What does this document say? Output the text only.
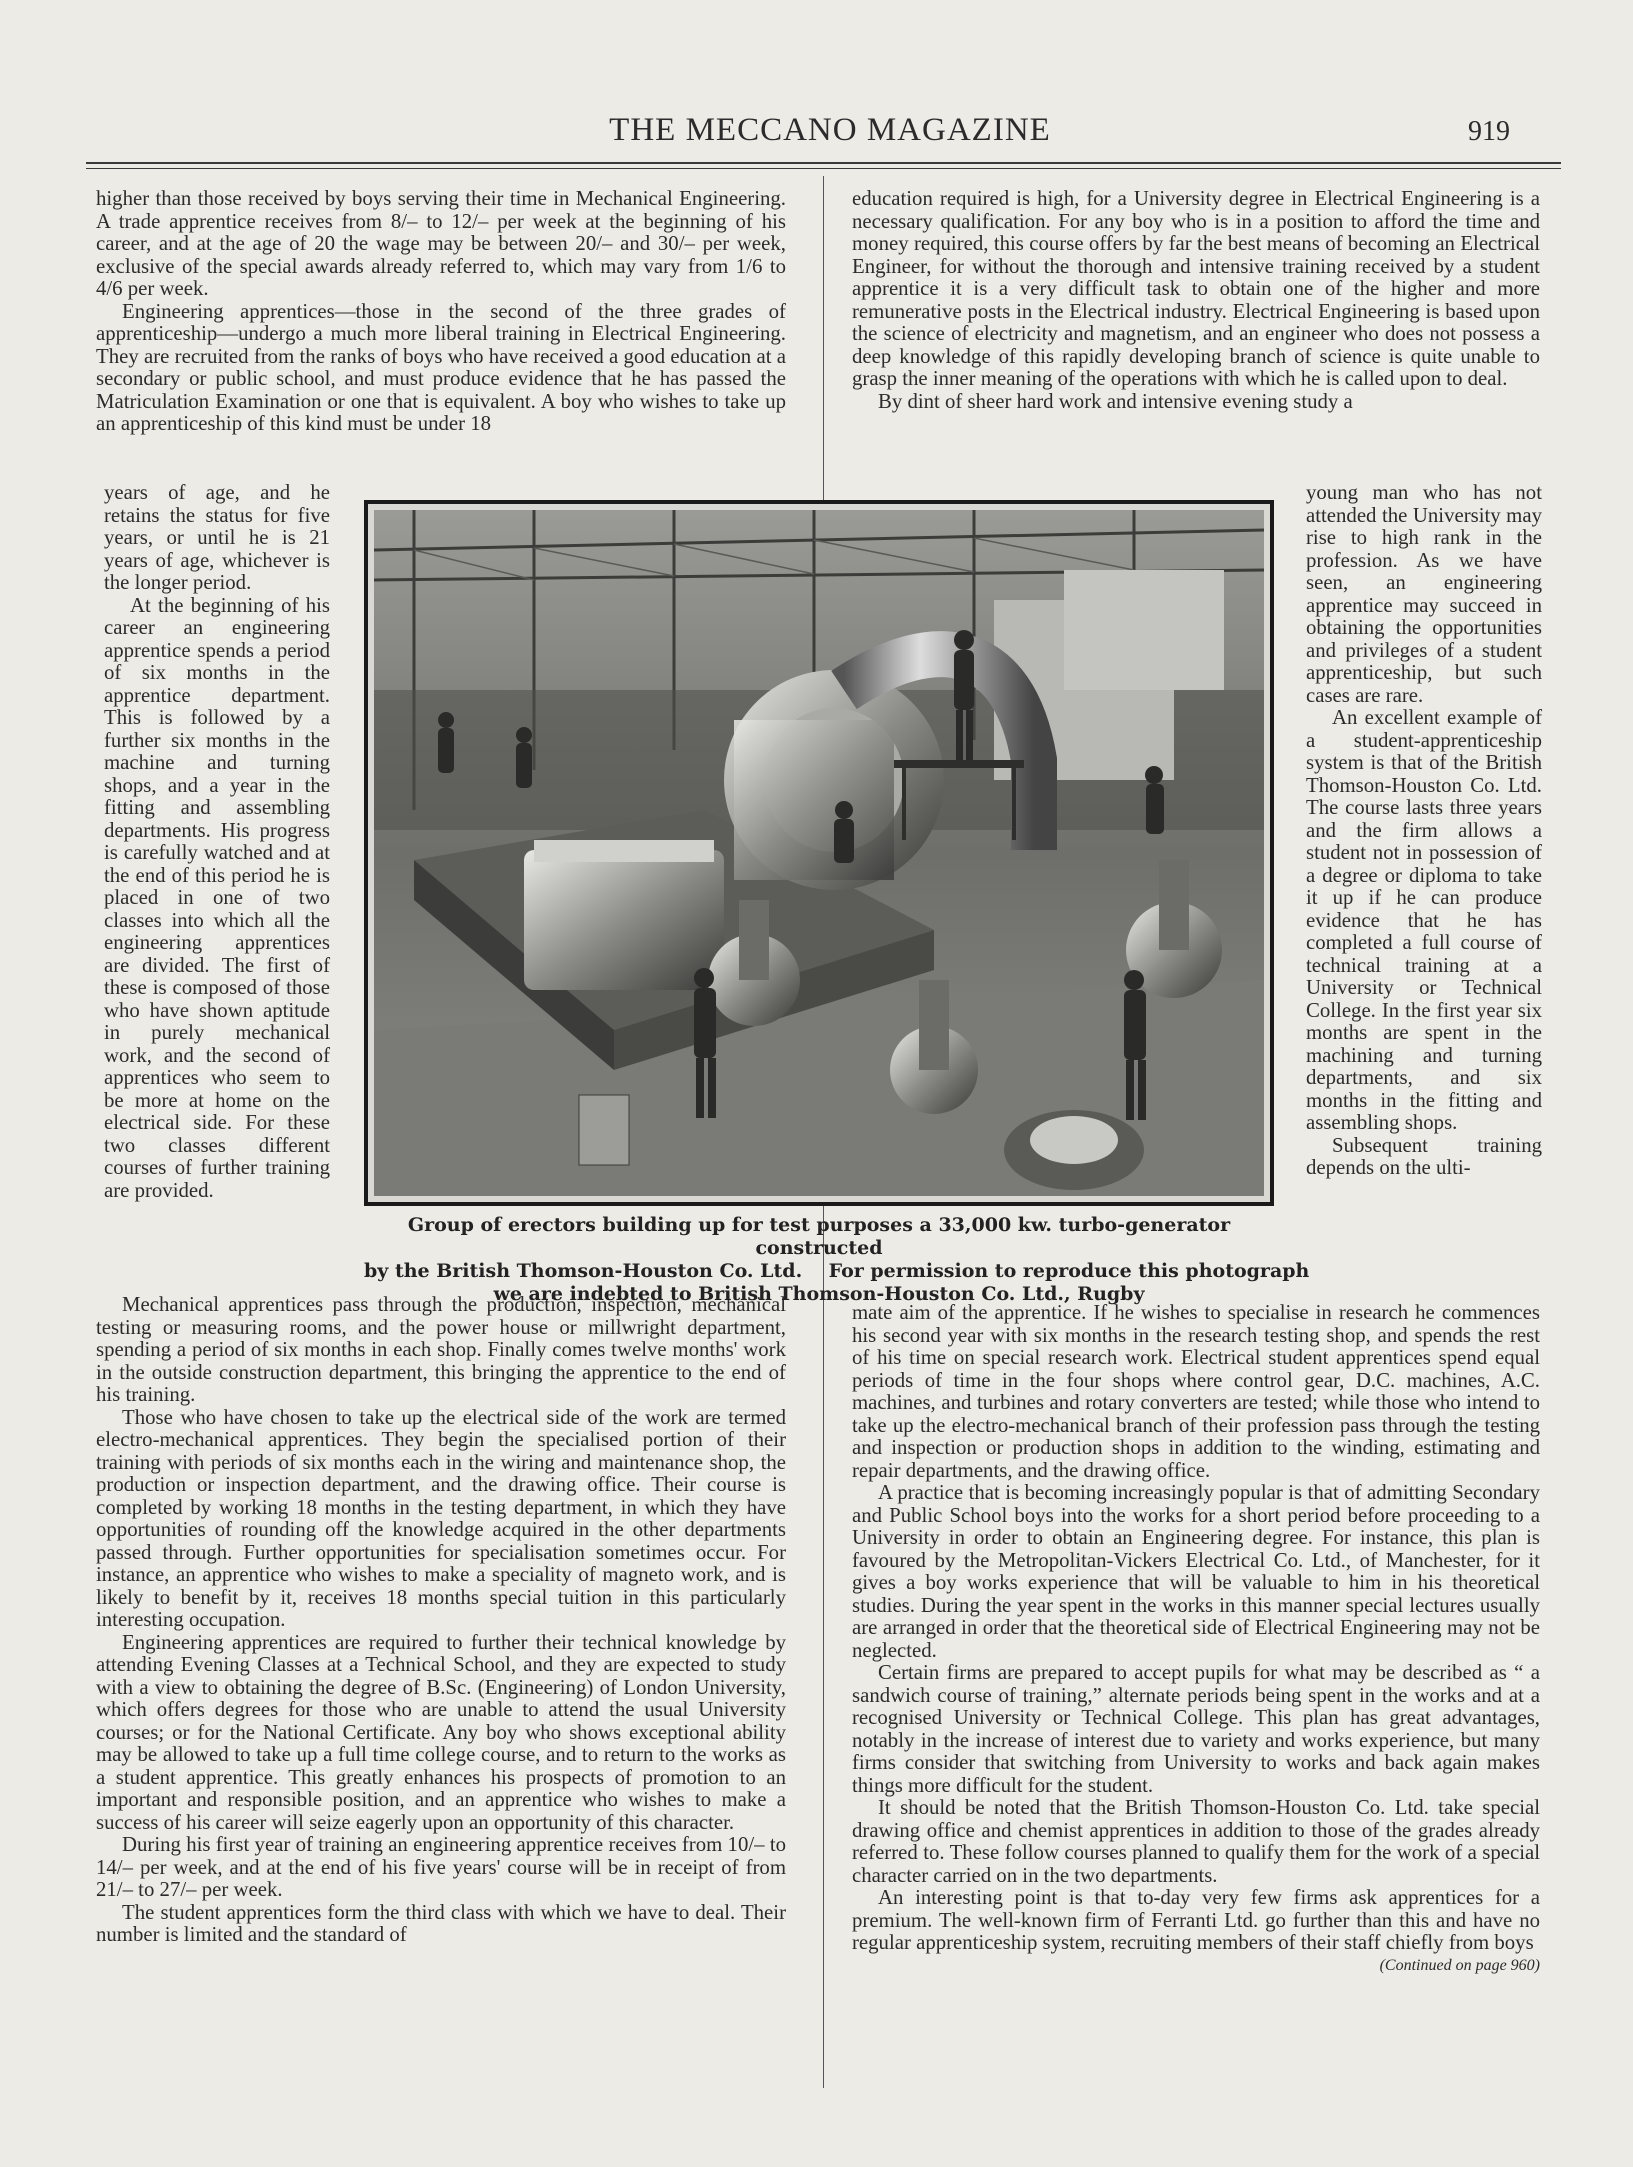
THE MECCANO MAGAZINE	919

higher than those received by boys serving their time in Mechanical Engineering. A trade apprentice receives from 8/– to 12/– per week at the beginning of his career, and at the age of 20 the wage may be between 20/– and 30/– per week, exclusive of the special awards already referred to, which may vary from 1/6 to 4/6 per week.

Engineering apprentices—those in the second of the three grades of apprenticeship—undergo a much more liberal training in Electrical Engineering. They are recruited from the ranks of boys who have received a good education at a secondary or public school, and must produce evidence that he has passed the Matriculation Examination or one that is equivalent. A boy who wishes to take up an apprenticeship of this kind must be under 18

years of age, and he retains the status for five years, or until he is 21 years of age, whichever is the longer period.

At the beginning of his career an engineering apprentice spends a period of six months in the apprentice department. This is followed by a further six months in the machine and turning shops, and a year in the fitting and assembling departments. His progress is carefully watched and at the end of this period he is placed in one of two classes into which all the engineering apprentices are divided. The first of these is composed of those who have shown aptitude in purely mechanical work, and the second of apprentices who seem to be more at home on the electrical side. For these two classes different courses of further training are provided.

Mechanical apprentices pass through the production, inspection, mechanical testing or measuring rooms, and the power house or millwright department, spending a period of six months in each shop. Finally comes twelve months' work in the outside construction department, this bringing the apprentice to the end of his training.

Those who have chosen to take up the electrical side of the work are termed electro-mechanical apprentices. They begin the specialised portion of their training with periods of six months each in the wiring and maintenance shop, the production or inspection department, and the drawing office. Their course is completed by working 18 months in the testing department, in which they have opportunities of rounding off the knowledge acquired in the other departments passed through. Further opportunities for specialisation sometimes occur. For instance, an apprentice who wishes to make a speciality of magneto work, and is likely to benefit by it, receives 18 months special tuition in this particularly interesting occupation.

Engineering apprentices are required to further their technical knowledge by attending Evening Classes at a Technical School, and they are expected to study with a view to obtaining the degree of B.Sc. (Engineering) of London University, which offers degrees for those who are unable to attend the usual University courses; or for the National Certificate. Any boy who shows exceptional ability may be allowed to take up a full time college course, and to return to the works as a student apprentice. This greatly enhances his prospects of promotion to an important and responsible position, and an apprentice who wishes to make a success of his career will seize eagerly upon an opportunity of this character.

During his first year of training an engineering apprentice receives from 10/– to 14/– per week, and at the end of his five years' course will be in receipt of from 21/– to 27/– per week.

The student apprentices form the third class with which we have to deal. Their number is limited and the standard of

education required is high, for a University degree in Electrical Engineering is a necessary qualification. For any boy who is in a position to afford the time and money required, this course offers by far the best means of becoming an Electrical Engineer, for without the thorough and intensive training received by a student apprentice it is a very difficult task to obtain one of the higher and more remunerative posts in the Electrical industry. Electrical Engineering is based upon the science of electricity and magnetism, and an engineer who does not possess a deep knowledge of this rapidly developing branch of science is quite unable to grasp the inner meaning of the operations with which he is called upon to deal.

By dint of sheer hard work and intensive evening study a

young man who has not attended the University may rise to high rank in the profession. As we have seen, an engineering apprentice may succeed in obtaining the opportunities and privileges of a student apprenticeship, but such cases are rare.

An excellent example of a student-apprenticeship system is that of the British Thomson-Houston Co. Ltd. The course lasts three years and the firm allows a student not in possession of a degree or diploma to take it up if he can produce evidence that he has completed a full course of technical training at a University or Technical College. In the first year six months are spent in the machining and turning departments, and six months in the fitting and assembling shops.

Subsequent training depends on the ulti-

mate aim of the apprentice. If he wishes to specialise in research he commences his second year with six months in the research testing shop, and spends the rest of his time on special research work. Electrical student apprentices spend equal periods of time in the four shops where control gear, D.C. machines, A.C. machines, and turbines and rotary converters are tested; while those who intend to take up the electro-mechanical branch of their profession pass through the testing and inspection or production shops in addition to the winding, estimating and repair departments, and the drawing office.

A practice that is becoming increasingly popular is that of admitting Secondary and Public School boys into the works for a short period before proceeding to a University in order to obtain an Engineering degree. For instance, this plan is favoured by the Metropolitan-Vickers Electrical Co. Ltd., of Manchester, for it gives a boy works experience that will be valuable to him in his theoretical studies. During the year spent in the works in this manner special lectures usually are arranged in order that the theoretical side of Electrical Engineering may not be neglected.

Certain firms are prepared to accept pupils for what may be described as “ a sandwich course of training,” alternate periods being spent in the works and at a recognised University or Technical College. This plan has great advantages, notably in the increase of interest due to variety and works experience, but many firms consider that switching from University to works and back again makes things more difficult for the student.

It should be noted that the British Thomson-Houston Co. Ltd. take special drawing office and chemist apprentices in addition to those of the grades already referred to. These follow courses planned to qualify them for the work of a special character carried on in the two departments.

An interesting point is that to-day very few firms ask apprentices for a premium. The well-known firm of Ferranti Ltd. go further than this and have no regular apprenticeship system, recruiting members of their staff chiefly from boys

(Continued on page 960)
Group of erectors building up for test purposes a 33,000 kw. turbo-generator constructed
by the British Thomson-Houston Co. Ltd.    For permission to reproduce this photograph
we are indebted to British Thomson-Houston Co. Ltd., Rugby
